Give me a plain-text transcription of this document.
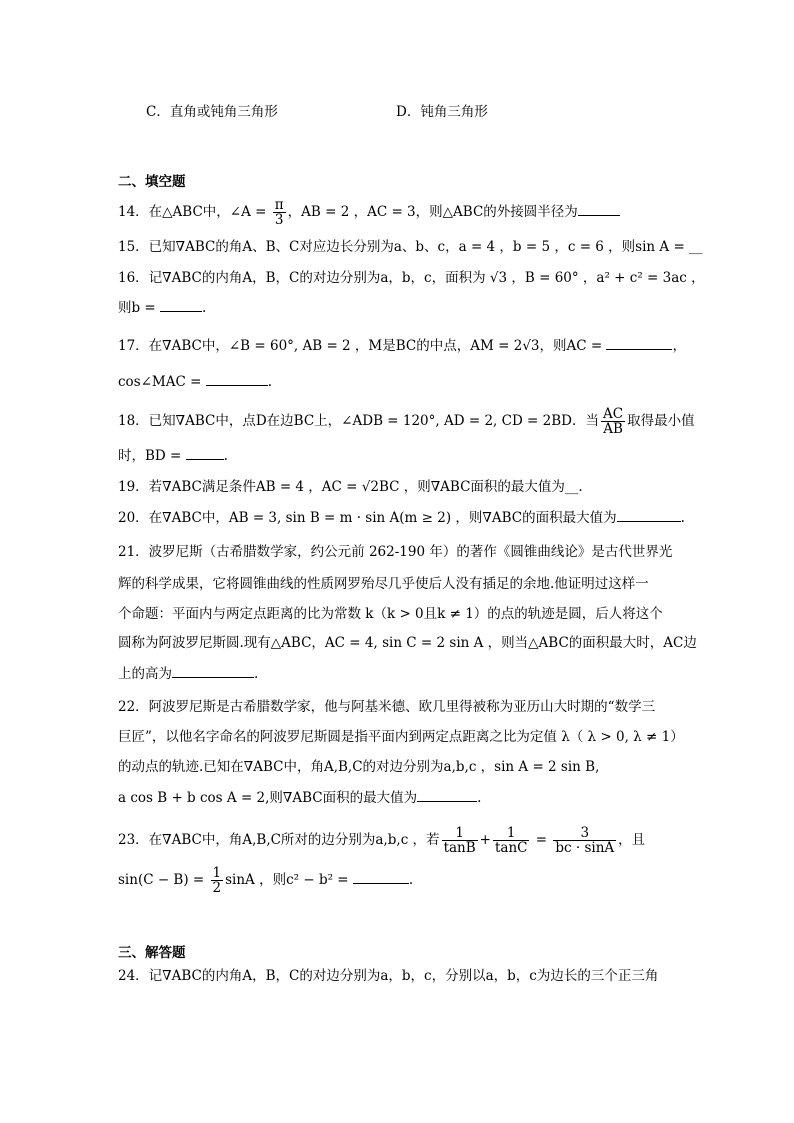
C．直角或钝角三角形	D．钝角三角形
二、填空题
14．在△ABC中，∠A = $\frac{\pi}{3}$ ，AB = 2 ，AC = 3，则△ABC的外接圆半径为
15．已知∇ABC的角A、B、C对应边长分别为a、b、c，a = 4 ，b = 5 ，c = 6 ，则sin A = __
16．记∇ABC的内角A，B，C的对边分别为a，b，c，面积为 √3 ，B = 60° ，a² + c² = 3ac ，
则b =	.
17．在∇ABC中，∠B = 60°, AB = 2 ，M是BC的中点，AM = 2√3，则AC =	，
cos∠MAC =	.
18．已知∇ABC中，点D在边BC上，∠ADB = 120°, AD = 2, CD = 2BD．当 $\frac{AC}{AB}$ 取得最小值
时，BD =	.
19．若∇ABC满足条件AB = 4 ，AC = √2BC ，则∇ABC面积的最大值为__.
20．在∇ABC中，AB = 3, sin B = m · sin A(m ≥ 2) ，则∇ABC的面积最大值为	.
21．波罗尼斯（古希腊数学家，约公元前 262-190 年）的著作《圆锥曲线论》是古代世界光
辉的科学成果，它将圆锥曲线的性质网罗殆尽几乎使后人没有插足的余地.他证明过这样一
个命题：平面内与两定点距离的比为常数 k（k > 0且k ≠ 1）的点的轨迹是圆，后人将这个
圆称为阿波罗尼斯圆.现有△ABC，AC = 4, sin C = 2 sin A ，则当△ABC的面积最大时，AC边
上的高为	.
22．阿波罗尼斯是古希腊数学家，他与阿基米德、欧几里得被称为亚历山大时期的“数学三
巨匠”，以他名字命名的阿波罗尼斯圆是指平面内到两定点距离之比为定值 λ（ λ > 0, λ ≠ 1）
的动点的轨迹.已知在∇ABC中，角A,B,C的对边分别为a,b,c ，sin A = 2 sin B,
a cos B + b cos A = 2,则∇ABC面积的最大值为	.
23．在∇ABC中，角A,B,C所对的边分别为a,b,c ，若 $\frac{1}{\tan B} + \frac{1}{\tan C} = \frac{3}{bc \cdot \sin A}$ ，且
$\sin(C - B) = \frac{1}{2}$ sinA ，则c² − b² =	.
三、解答题
24．记∇ABC的内角A，B，C的对边分别为a，b，c，分别以a，b，c为边长的三个正三角
